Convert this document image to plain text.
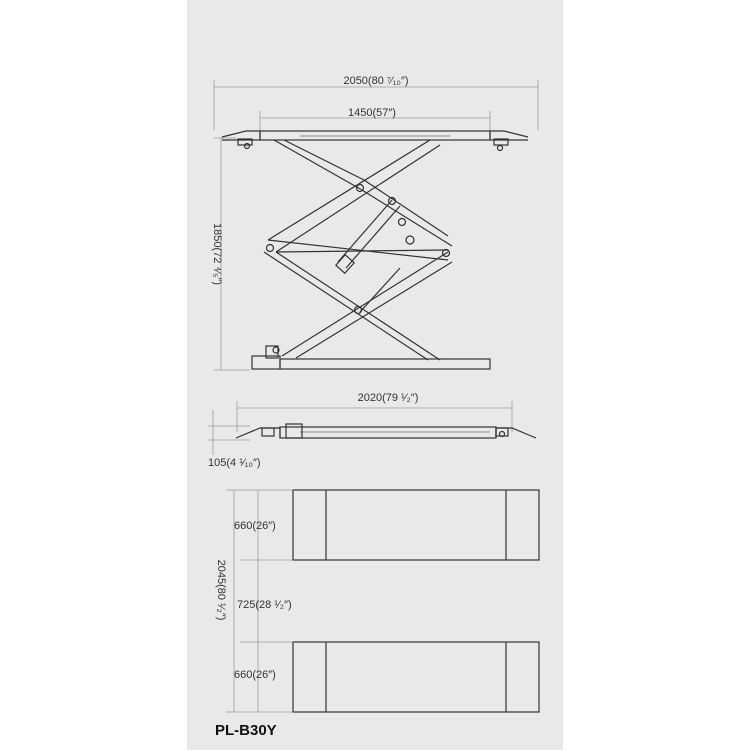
2050(80 ⁷⁄₁₀″)
1450(57″)
1850(72 ⁴⁄₅″)
2020(79 ¹⁄₂″)
105(4 ¹⁄₁₀″)
660(26″)
725(28 ¹⁄₂″)
660(26″)
2045(80 ¹⁄₂″)
PL-B30Y
